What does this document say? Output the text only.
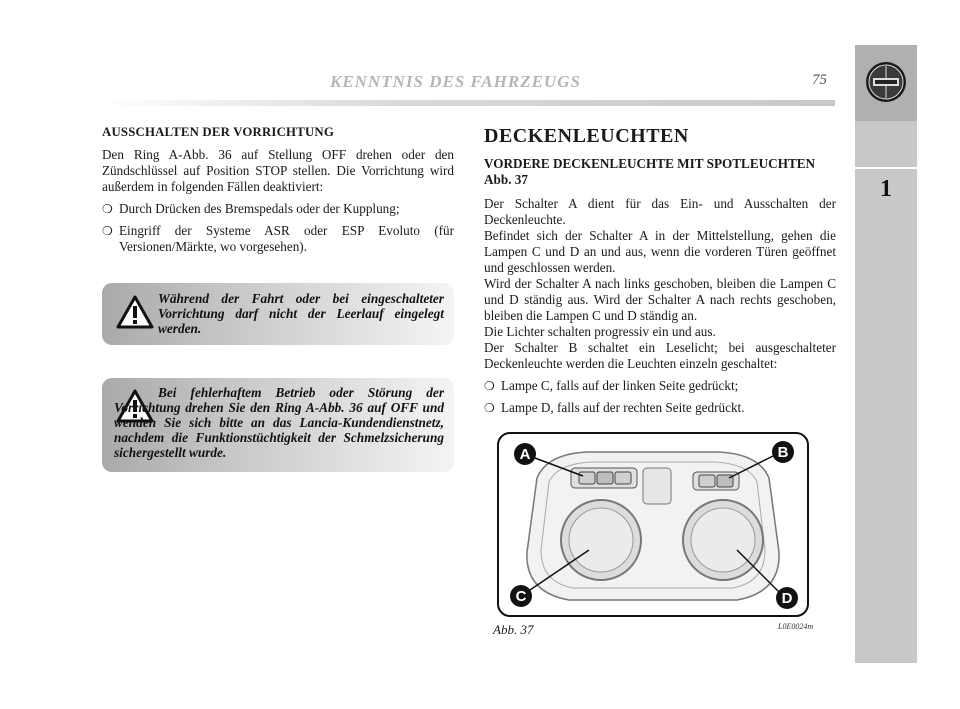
KENNTNIS DES FAHRZEUGS	75
1
AUSSCHALTEN DER VORRICHTUNG
Den Ring A-Abb. 36 auf Stellung OFF drehen oder den Zündschlüssel auf Position STOP stellen. Die Vorrichtung wird außerdem in folgenden Fällen deaktiviert:
❍ Durch Drücken des Bremspedals oder der Kupplung;
❍ Eingriff der Systeme ASR oder ESP Evoluto (für Versionen/Märkte, wo vorgesehen).
Während der Fahrt oder bei eingeschalteter Vorrichtung darf nicht der Leerlauf eingelegt werden.
Bei fehlerhaftem Betrieb oder Störung der Vorrichtung drehen Sie den Ring A-Abb. 36 auf OFF und wenden Sie sich bitte an das Lancia-Kundendienstnetz, nachdem die Funktionstüchtigkeit der Schmelzsicherung sichergestellt wurde.
DECKENLEUCHTEN
VORDERE DECKENLEUCHTE MIT SPOTLEUCHTEN Abb. 37
Der Schalter A dient für das Ein- und Ausschalten der Deckenleuchte.
Befindet sich der Schalter A in der Mittelstellung, gehen die Lampen C und D an und aus, wenn die vorderen Türen geöffnet und geschlossen werden.
Wird der Schalter A nach links geschoben, bleiben die Lampen C und D ständig aus. Wird der Schalter A nach rechts geschoben, bleiben die Lampen C und D ständig an.
Die Lichter schalten progressiv ein und aus.
Der Schalter B schaltet ein Leselicht; bei ausgeschalteter Deckenleuchte werden die Leuchten einzeln geschaltet:
❍ Lampe C, falls auf der linken Seite gedrückt;
❍ Lampe D, falls auf der rechten Seite gedrückt.
A	B
C	D
Abb. 37	L0E0024m
